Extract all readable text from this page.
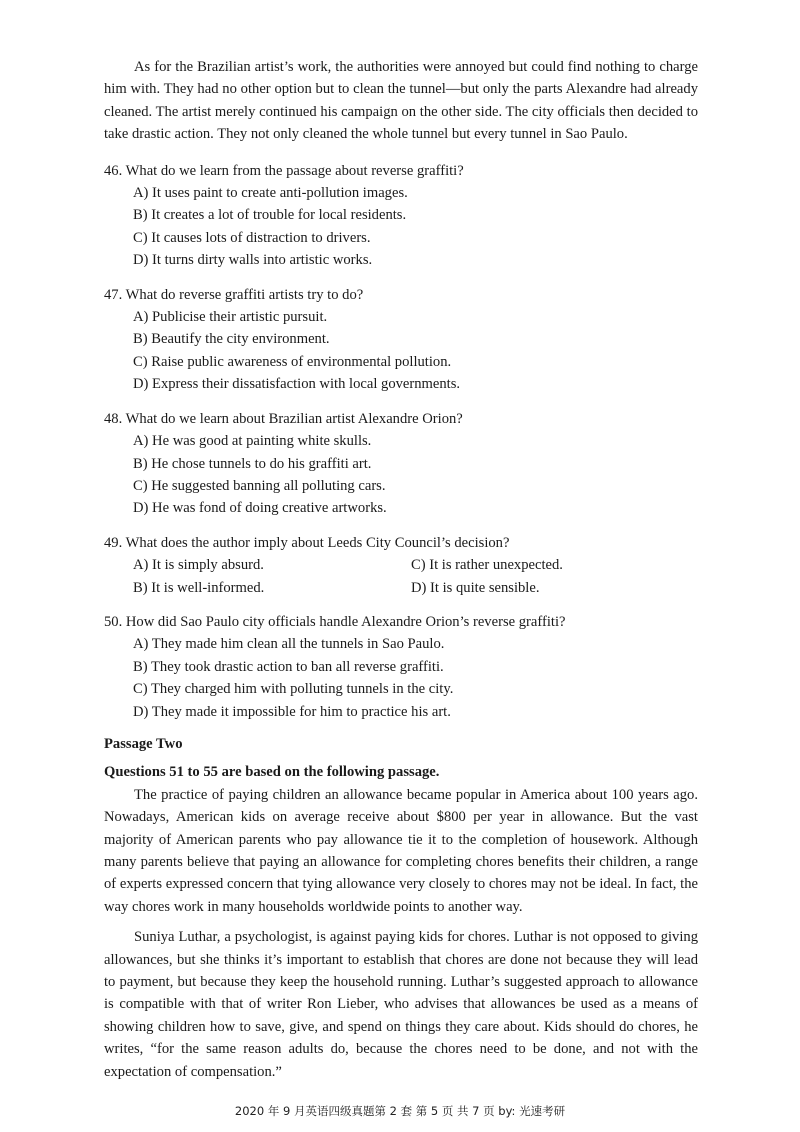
As for the Brazilian artist’s work, the authorities were annoyed but could find nothing to charge him with. They had no other option but to clean the tunnel—but only the parts Alexandre had already cleaned. The artist merely continued his campaign on the other side. The city officials then decided to take drastic action. They not only cleaned the whole tunnel but every tunnel in Sao Paulo.

46. What do we learn from the passage about reverse graffiti?

A) It uses paint to create anti-pollution images.

B) It creates a lot of trouble for local residents.

C) It causes lots of distraction to drivers.

D) It turns dirty walls into artistic works.

47. What do reverse graffiti artists try to do?

A) Publicise their artistic pursuit.

B) Beautify the city environment.

C) Raise public awareness of environmental pollution.

D) Express their dissatisfaction with local governments.

48. What do we learn about Brazilian artist Alexandre Orion?

A) He was good at painting white skulls.

B) He chose tunnels to do his graffiti art.

C) He suggested banning all polluting cars.

D) He was fond of doing creative artworks.

49. What does the author imply about Leeds City Council’s decision?

A) It is simply absurd.	C) It is rather unexpected.

B) It is well-informed.	D) It is quite sensible.

50. How did Sao Paulo city officials handle Alexandre Orion’s reverse graffiti?

A) They made him clean all the tunnels in Sao Paulo.

B) They took drastic action to ban all reverse graffiti.

C) They charged him with polluting tunnels in the city.

D) They made it impossible for him to practice his art.

Passage Two

Questions 51 to 55 are based on the following passage.

The practice of paying children an allowance became popular in America about 100 years ago. Nowadays, American kids on average receive about $800 per year in allowance. But the vast majority of American parents who pay allowance tie it to the completion of housework. Although many parents believe that paying an allowance for completing chores benefits their children, a range of experts expressed concern that tying allowance very closely to chores may not be ideal. In fact, the way chores work in many households worldwide points to another way.

Suniya Luthar, a psychologist, is against paying kids for chores. Luthar is not opposed to giving allowances, but she thinks it’s important to establish that chores are done not because they will lead to payment, but because they keep the household running. Luthar’s suggested approach to allowance is compatible with that of writer Ron Lieber, who advises that allowances be used as a means of showing children how to save, give, and spend on things they care about. Kids should do chores, he writes, “for the same reason adults do, because the chores need to be done, and not with the expectation of compensation.”

2020 年 9 月英语四级真题第 2 套 第 5 页 共 7 页 by: 光速考研
